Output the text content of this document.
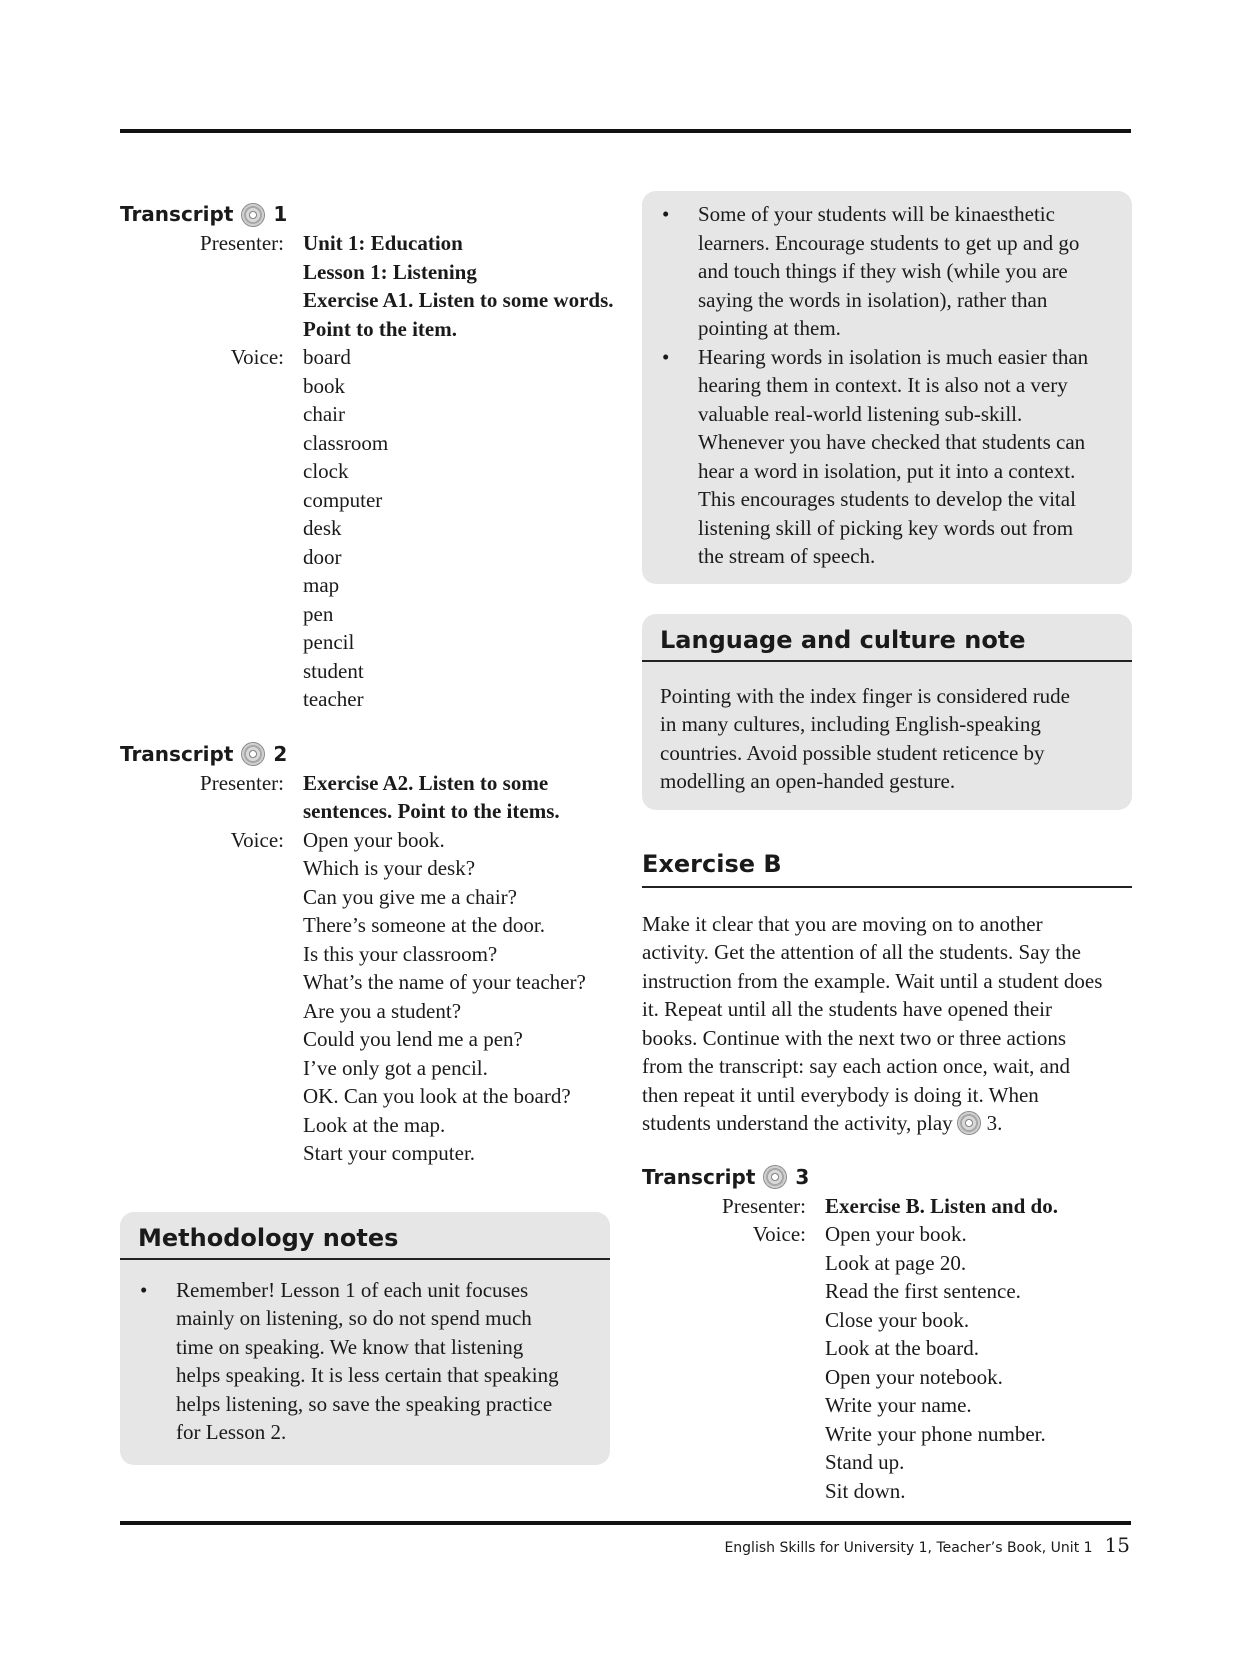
Transcript 1
Presenter: Unit 1: Education
Lesson 1: Listening
Exercise A1. Listen to some words.
Point to the item.
Voice: board
book
chair
classroom
clock
computer
desk
door
map
pen
pencil
student
teacher
Transcript 2
Presenter: Exercise A2. Listen to some
sentences. Point to the items.
Voice: Open your book.
Which is your desk?
Can you give me a chair?
There’s someone at the door.
Is this your classroom?
What’s the name of your teacher?
Are you a student?
Could you lend me a pen?
I’ve only got a pencil.
OK. Can you look at the board?
Look at the map.
Start your computer.
Methodology notes
•	Remember! Lesson 1 of each unit focuses
mainly on listening, so do not spend much
time on speaking. We know that listening
helps speaking. It is less certain that speaking
helps listening, so save the speaking practice
for Lesson 2.
•	Some of your students will be kinaesthetic
learners. Encourage students to get up and go
and touch things if they wish (while you are
saying the words in isolation), rather than
pointing at them.
•	Hearing words in isolation is much easier than
hearing them in context. It is also not a very
valuable real-world listening sub-skill.
Whenever you have checked that students can
hear a word in isolation, put it into a context.
This encourages students to develop the vital
listening skill of picking key words out from
the stream of speech.
Language and culture note
Pointing with the index finger is considered rude
in many cultures, including English-speaking
countries. Avoid possible student reticence by
modelling an open-handed gesture.
Exercise B
Make it clear that you are moving on to another
activity. Get the attention of all the students. Say the
instruction from the example. Wait until a student does
it. Repeat until all the students have opened their
books. Continue with the next two or three actions
from the transcript: say each action once, wait, and
then repeat it until everybody is doing it. When
students understand the activity, play 3.
Transcript 3
Presenter: Exercise B. Listen and do.
Voice: Open your book.
Look at page 20.
Read the first sentence.
Close your book.
Look at the board.
Open your notebook.
Write your name.
Write your phone number.
Stand up.
Sit down.
English Skills for University 1, Teacher’s Book, Unit 1 15
